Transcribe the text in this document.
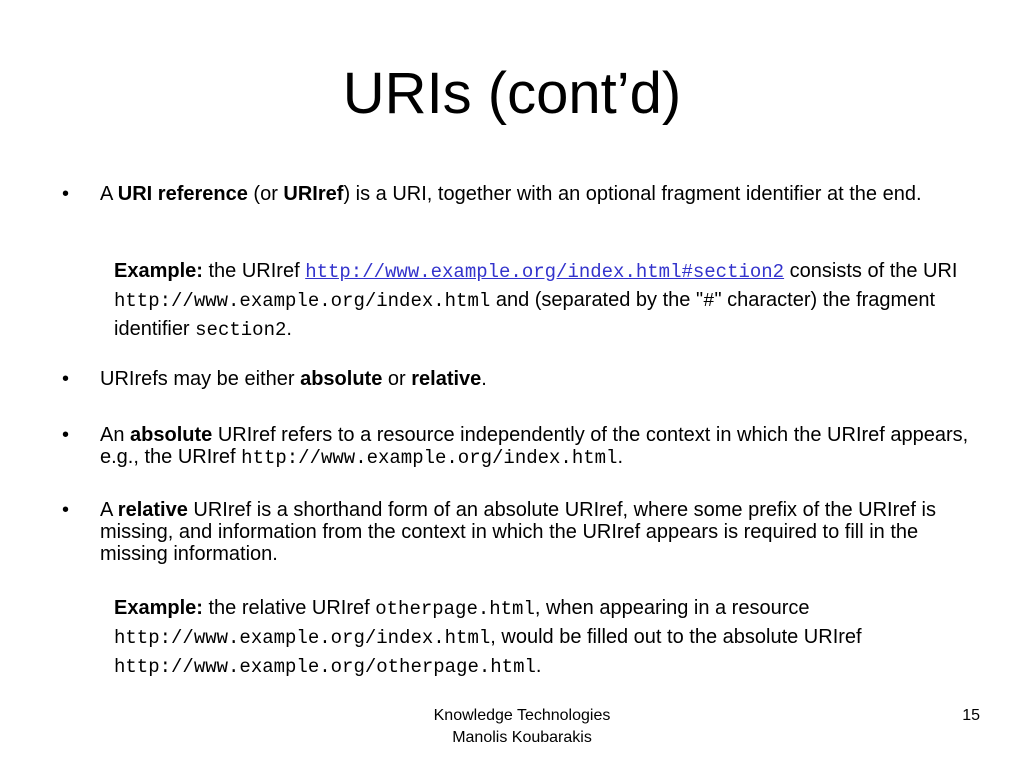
URIs (cont’d)
• A URI reference (or URIref) is a URI, together with an optional fragment identifier at the end.
Example: the URIref http://www.example.org/index.html#section2 consists of the URI http://www.example.org/index.html and (separated by the "#" character) the fragment identifier section2.
• URIrefs may be either absolute or relative.
• An absolute URIref refers to a resource independently of the context in which the URIref appears, e.g., the URIref http://www.example.org/index.html.
• A relative URIref is a shorthand form of an absolute URIref, where some prefix of the URIref is missing, and information from the context in which the URIref appears is required to fill in the missing information.
Example: the relative URIref otherpage.html, when appearing in a resource http://www.example.org/index.html, would be filled out to the absolute URIref http://www.example.org/otherpage.html.
Knowledge Technologies
Manolis Koubarakis
15
